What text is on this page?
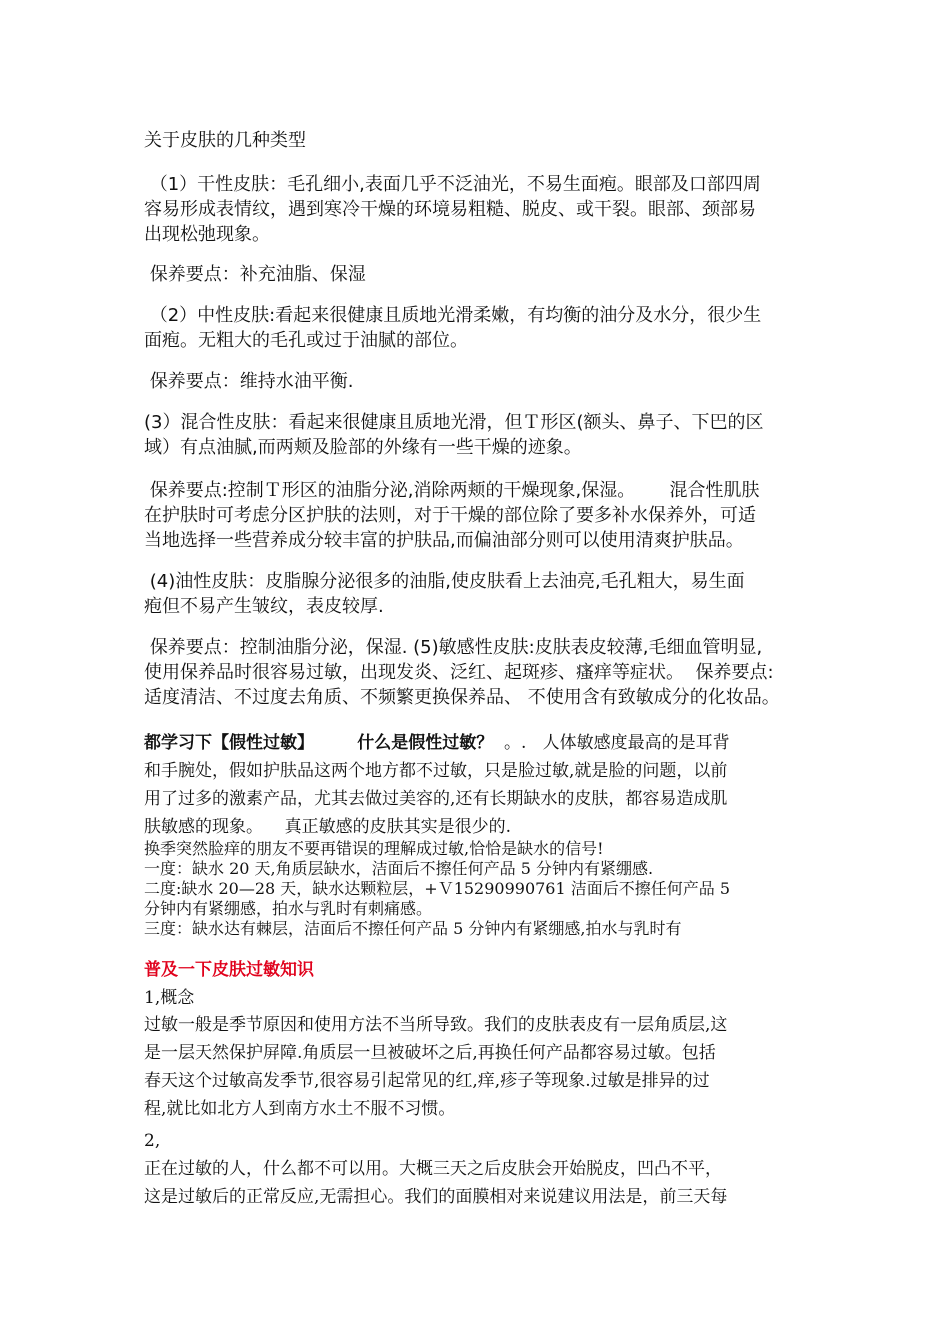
关于皮肤的几种类型
（1）干性皮肤：毛孔细小,表面几乎不泛油光，不易生面疱。眼部及口部四周
容易形成表情纹，遇到寒冷干燥的环境易粗糙、脱皮、或干裂。眼部、颈部易
出现松弛现象。
保养要点：补充油脂、保湿
（2）中性皮肤:看起来很健康且质地光滑柔嫩，有均衡的油分及水分，很少生
面疱。无粗大的毛孔或过于油腻的部位。
保养要点：维持水油平衡.
(3）混合性皮肤：看起来很健康且质地光滑，但Ｔ形区(额头、鼻子、下巴的区
域）有点油腻,而两颊及脸部的外缘有一些干燥的迹象。
保养要点:控制Ｔ形区的油脂分泌,消除两颊的干燥现象,保湿。      混合性肌肤
在护肤时可考虑分区护肤的法则，对于干燥的部位除了要多补水保养外，可适
当地选择一些营养成分较丰富的护肤品,而偏油部分则可以使用清爽护肤品。
(4)油性皮肤：皮脂腺分泌很多的油脂,使皮肤看上去油亮,毛孔粗大，易生面
疱但不易产生皱纹，表皮较厚.
保养要点：控制油脂分泌，保湿. (5)敏感性皮肤:皮肤表皮较薄,毛细血管明显,
使用保养品时很容易过敏，出现发炎、泛红、起斑疹、瘙痒等症状。  保养要点:
适度清洁、不过度去角质、不频繁更换保养品、 不使用含有致敏成分的化妆品。
都学习下【假性过敏】	什么是假性过敏？  。.   人体敏感度最高的是耳背
和手腕处，假如护肤品这两个地方都不过敏，只是脸过敏,就是脸的问题，以前
用了过多的激素产品，尤其去做过美容的,还有长期缺水的皮肤，都容易造成肌
肤敏感的现象。    真正敏感的皮肤其实是很少的.
换季突然脸痒的朋友不要再错误的理解成过敏,恰恰是缺水的信号!
一度：缺水 20 天,角质层缺水，洁面后不擦任何产品 5 分钟内有紧绷感.
二度:缺水 20—28 天，缺水达颗粒层，+Ｖ15290990761 洁面后不擦任何产品 5
分钟内有紧绷感，拍水与乳时有刺痛感。
三度：缺水达有棘层，洁面后不擦任何产品 5 分钟内有紧绷感,拍水与乳时有
普及一下皮肤过敏知识
1,概念
过敏一般是季节原因和使用方法不当所导致。我们的皮肤表皮有一层角质层,这
是一层天然保护屏障.角质层一旦被破坏之后,再换任何产品都容易过敏。包括
春天这个过敏高发季节,很容易引起常见的红,痒,疹子等现象.过敏是排异的过
程,就比如北方人到南方水土不服不习惯。
2,
正在过敏的人，什么都不可以用。大概三天之后皮肤会开始脱皮，凹凸不平，
这是过敏后的正常反应,无需担心。我们的面膜相对来说建议用法是，前三天每
